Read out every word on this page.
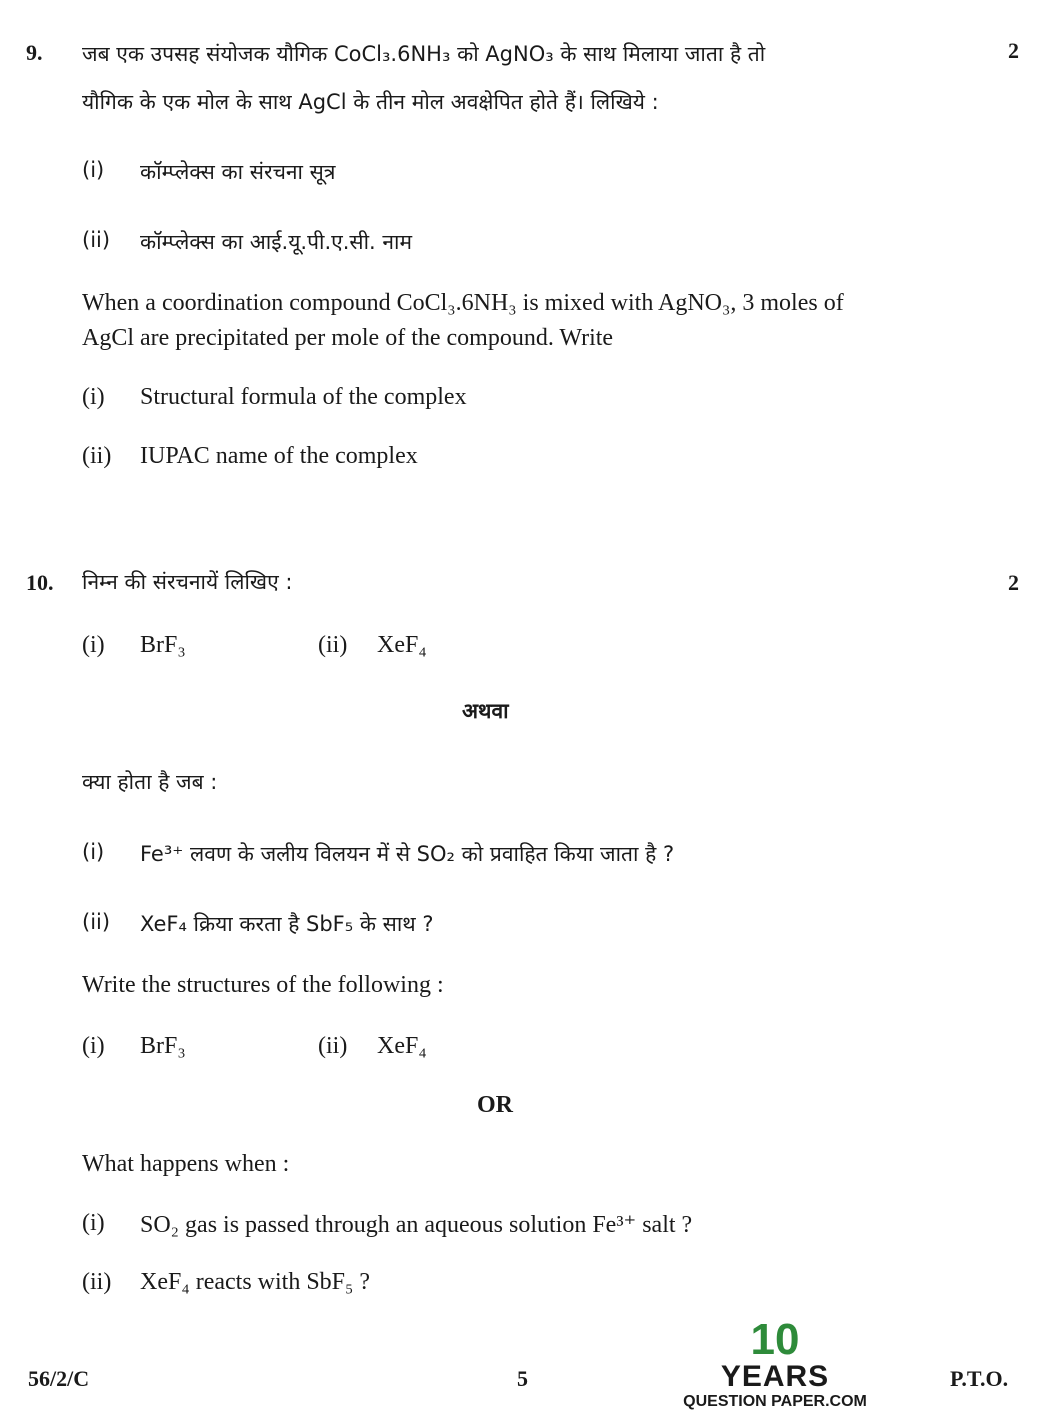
9.	2
जब एक उपसह संयोजक यौगिक CoCl₃.6NH₃ को AgNO₃ के साथ मिलाया जाता है तो
यौगिक के एक मोल के साथ AgCl के तीन मोल अवक्षेपित होते हैं। लिखिये :
(i) कॉम्प्लेक्स का संरचना सूत्र
(ii) कॉम्प्लेक्स का आई.यू.पी.ए.सी. नाम
When a coordination compound CoCl₃.6NH₃ is mixed with AgNO₃, 3 moles of
AgCl are precipitated per mole of the compound. Write
(i) Structural formula of the complex
(ii) IUPAC name of the complex
10.	2
निम्न की संरचनायें लिखिए :
(i) BrF₃	(ii) XeF₄
अथवा
क्या होता है जब :
(i) Fe³⁺ लवण के जलीय विलयन में से SO₂ को प्रवाहित किया जाता है ?
(ii) XeF₄ क्रिया करता है SbF₅ के साथ ?
Write the structures of the following :
(i) BrF₃	(ii) XeF₄
OR
What happens when :
(i) SO₂ gas is passed through an aqueous solution Fe³⁺ salt ?
(ii) XeF₄ reacts with SbF₅ ?
56/2/C	5	P.T.O.
10
YEARS
QUESTION PAPER.COM
